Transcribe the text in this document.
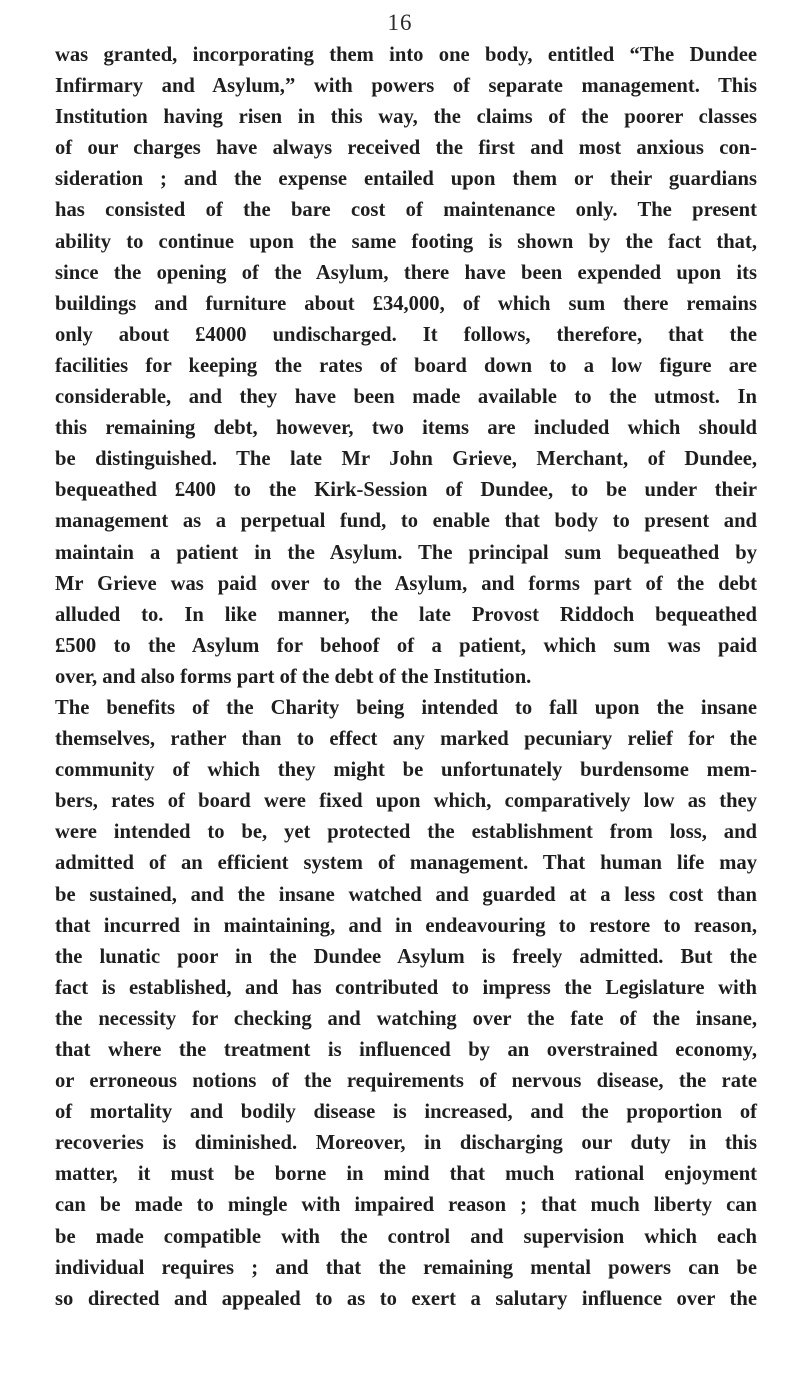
16
was granted, incorporating them into one body, entitled “The Dundee
Infirmary and Asylum,” with powers of separate management. This
Institution having risen in this way, the claims of the poorer classes
of our charges have always received the first and most anxious con-
sideration ; and the expense entailed upon them or their guardians
has consisted of the bare cost of maintenance only. The present
ability to continue upon the same footing is shown by the fact that,
since the opening of the Asylum, there have been expended upon its
buildings and furniture about £34,000, of which sum there remains
only about £4000 undischarged. It follows, therefore, that the
facilities for keeping the rates of board down to a low figure are
considerable, and they have been made available to the utmost. In
this remaining debt, however, two items are included which should
be distinguished. The late Mr John Grieve, Merchant, of Dundee,
bequeathed £400 to the Kirk-Session of Dundee, to be under their
management as a perpetual fund, to enable that body to present and
maintain a patient in the Asylum. The principal sum bequeathed by
Mr Grieve was paid over to the Asylum, and forms part of the debt
alluded to. In like manner, the late Provost Riddoch bequeathed
£500 to the Asylum for behoof of a patient, which sum was paid
over, and also forms part of the debt of the Institution.
The benefits of the Charity being intended to fall upon the insane
themselves, rather than to effect any marked pecuniary relief for the
community of which they might be unfortunately burdensome mem-
bers, rates of board were fixed upon which, comparatively low as they
were intended to be, yet protected the establishment from loss, and
admitted of an efficient system of management. That human life may
be sustained, and the insane watched and guarded at a less cost than
that incurred in maintaining, and in endeavouring to restore to reason,
the lunatic poor in the Dundee Asylum is freely admitted. But the
fact is established, and has contributed to impress the Legislature with
the necessity for checking and watching over the fate of the insane,
that where the treatment is influenced by an overstrained economy,
or erroneous notions of the requirements of nervous disease, the rate
of mortality and bodily disease is increased, and the proportion of
recoveries is diminished. Moreover, in discharging our duty in this
matter, it must be borne in mind that much rational enjoyment
can be made to mingle with impaired reason ; that much liberty can
be made compatible with the control and supervision which each
individual requires ; and that the remaining mental powers can be
so directed and appealed to as to exert a salutary influence over the
